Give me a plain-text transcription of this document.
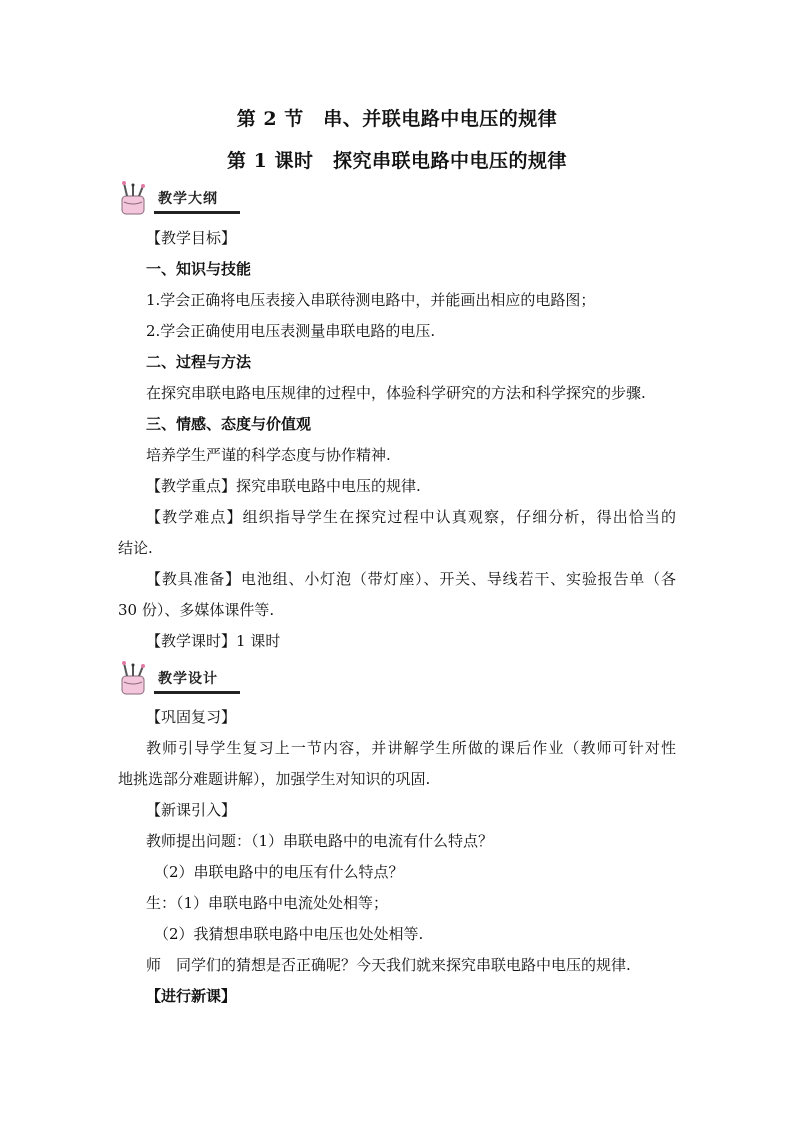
第 2 节　串、并联电路中电压的规律
第 1 课时　探究串联电路中电压的规律
教学大纲
【教学目标】
一、知识与技能
1.学会正确将电压表接入串联待测电路中，并能画出相应的电路图；
2.学会正确使用电压表测量串联电路的电压.
二、过程与方法
在探究串联电路电压规律的过程中，体验科学研究的方法和科学探究的步骤.
三、情感、态度与价值观
培养学生严谨的科学态度与协作精神.
【教学重点】探究串联电路中电压的规律.
【教学难点】组织指导学生在探究过程中认真观察，仔细分析，得出恰当的
结论.
【教具准备】电池组、小灯泡（带灯座）、开关、导线若干、实验报告单（各
30 份）、多媒体课件等.
【教学课时】1 课时
教学设计
【巩固复习】
教师引导学生复习上一节内容，并讲解学生所做的课后作业（教师可针对性
地挑选部分难题讲解），加强学生对知识的巩固.
【新课引入】
教师提出问题：（1）串联电路中的电流有什么特点？
（2）串联电路中的电压有什么特点？
生：（1）串联电路中电流处处相等；
（2）我猜想串联电路中电压也处处相等.
师　同学们的猜想是否正确呢？今天我们就来探究串联电路中电压的规律.
【进行新课】
